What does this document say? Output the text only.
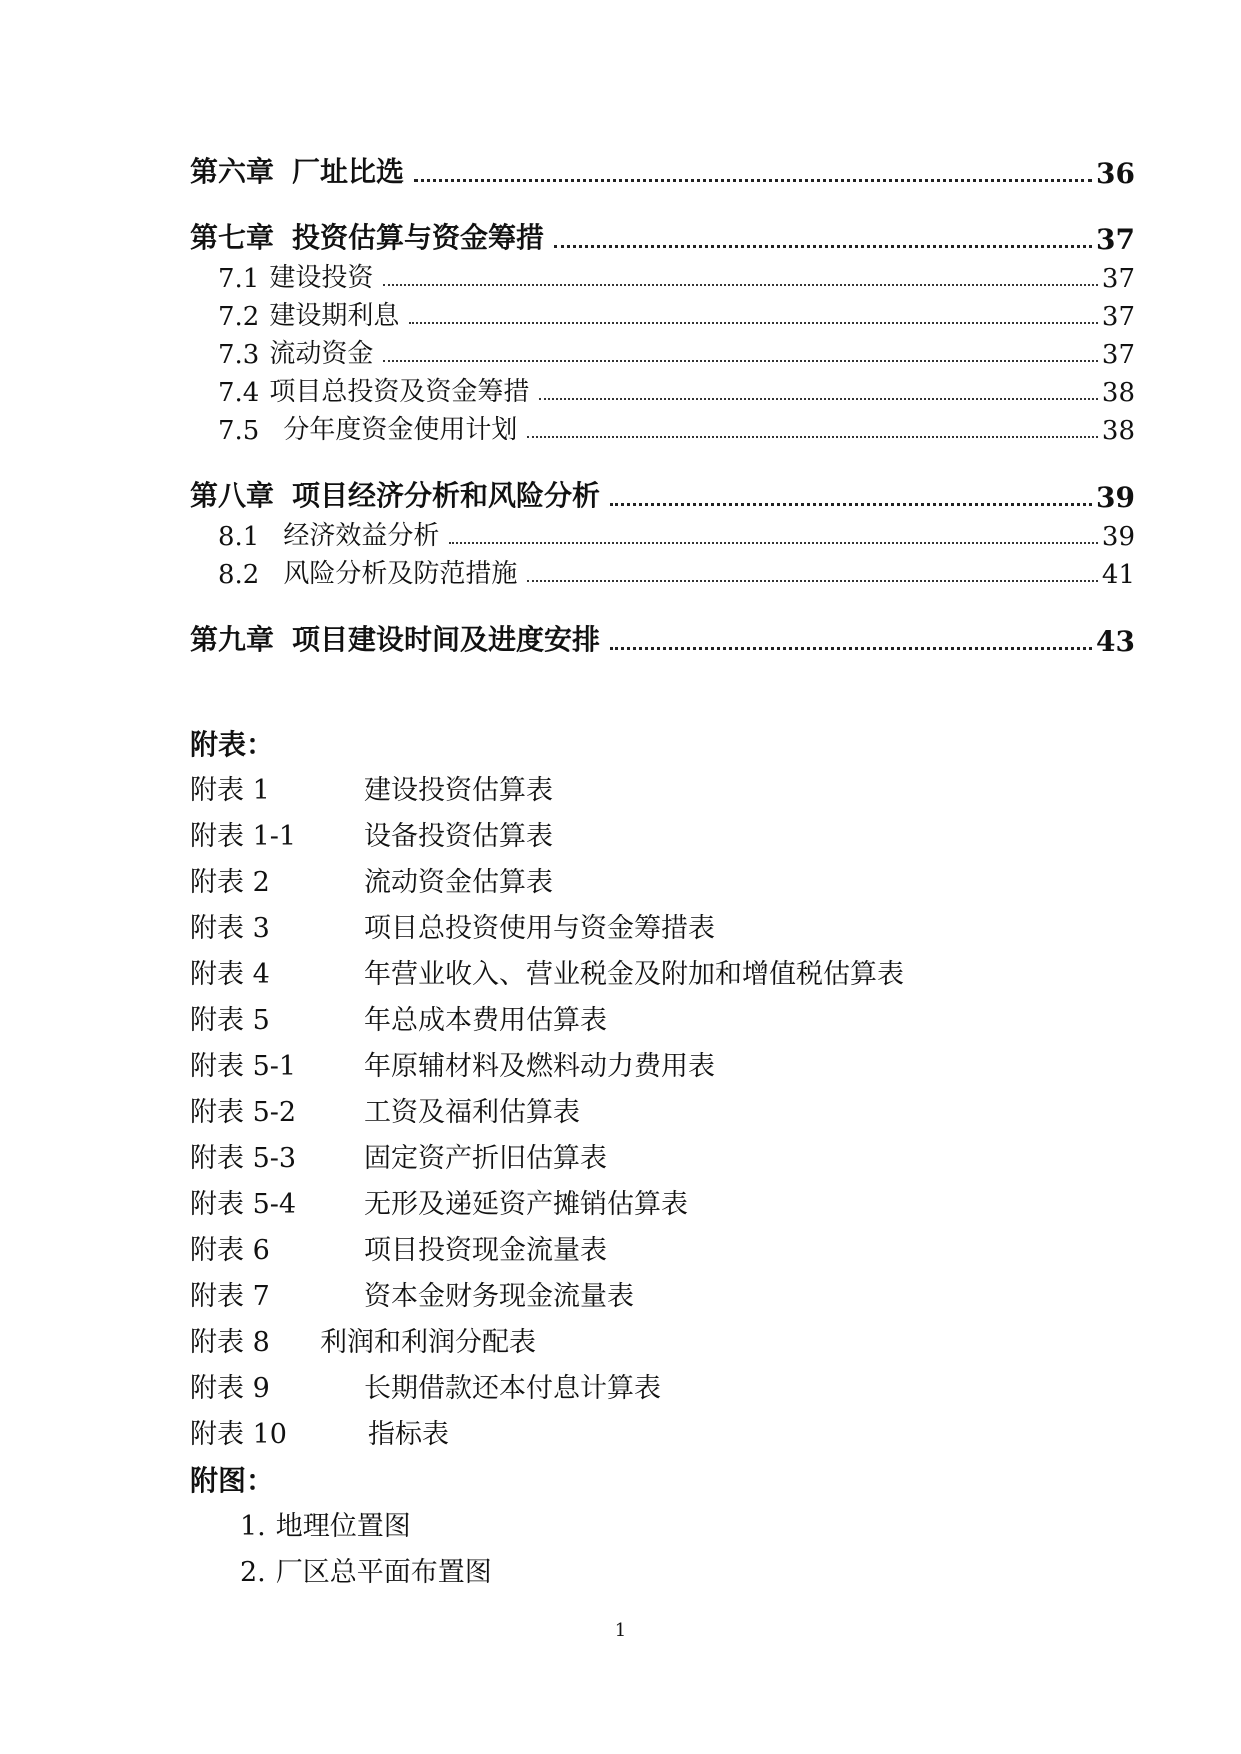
第六章 厂址比选	36
第七章 投资估算与资金筹措	37
7.1 建设投资	37
7.2 建设期利息	37
7.3 流动资金	37
7.4 项目总投资及资金筹措	38
7.5 分年度资金使用计划	38
第八章 项目经济分析和风险分析	39
8.1 经济效益分析	39
8.2 风险分析及防范措施	41
第九章 项目建设时间及进度安排	43
附表：
附表 1	建设投资估算表
附表 1-1	设备投资估算表
附表 2	流动资金估算表
附表 3	项目总投资使用与资金筹措表
附表 4	年营业收入、营业税金及附加和增值税估算表
附表 5	年总成本费用估算表
附表 5-1	年原辅材料及燃料动力费用表
附表 5-2	工资及福利估算表
附表 5-3	固定资产折旧估算表
附表 5-4	无形及递延资产摊销估算表
附表 6	项目投资现金流量表
附表 7	资本金财务现金流量表
附表 8 利润和利润分配表
附表 9	长期借款还本付息计算表
附表 10	指标表
附图：
1. 地理位置图
2. 厂区总平面布置图
1
